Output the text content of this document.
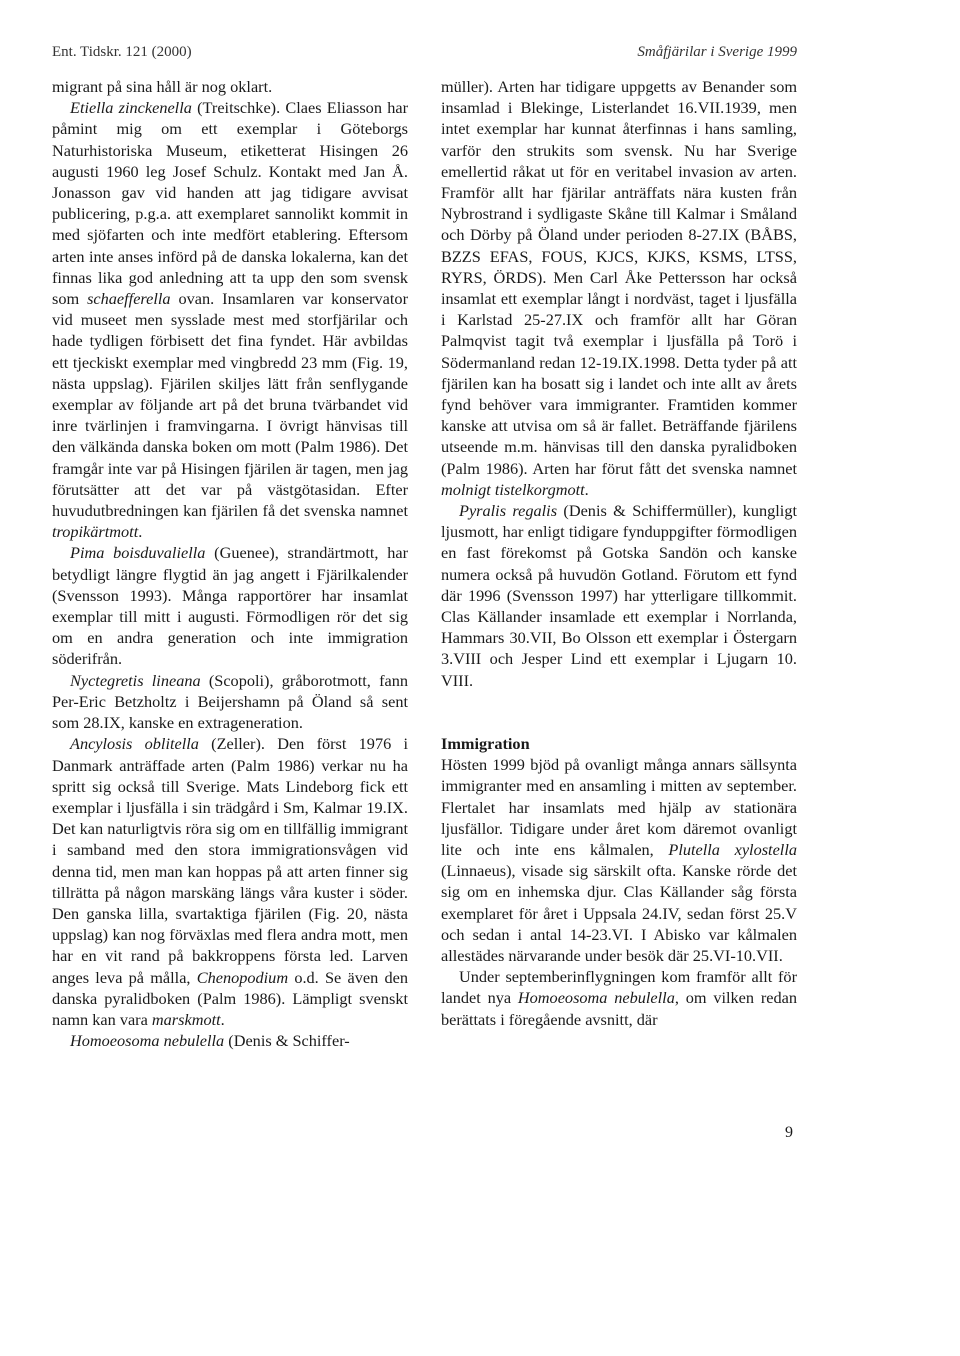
Ent. Tidskr. 121 (2000)	Småfjärilar i Sverige 1999

migrant på sina håll är nog oklart.

Etiella zinckenella (Treitschke). Claes Eliasson har påmint mig om ett exemplar i Göteborgs Naturhistoriska Museum, etiketterat Hisingen 26 augusti 1960 leg Josef Schulz. Kontakt med Jan Å. Jonasson gav vid handen att jag tidigare avvisat publicering, p.g.a. att exemplaret sannolikt kommit in med sjöfarten och inte medfört etablering. Eftersom arten inte anses införd på de danska lokalerna, kan det finnas lika god anledning att ta upp den som svensk som schaefferella ovan. Insamlaren var konservator vid museet men sysslade mest med storfjärilar och hade tydligen förbisett det fina fyndet. Här avbildas ett tjeckiskt exemplar med vingbredd 23 mm (Fig. 19, nästa uppslag). Fjärilen skiljes lätt från senflygande exemplar av följande art på det bruna tvärbandet vid inre tvärlinjen i framvingarna. I övrigt hänvisas till den välkända danska boken om mott (Palm 1986). Det framgår inte var på Hisingen fjärilen är tagen, men jag förutsätter att det var på västgötasidan. Efter huvudutbredningen kan fjärilen få det svenska namnet tropikärtmott.

Pima boisduvaliella (Guenee), strandärtmott, har betydligt längre flygtid än jag angett i Fjärilkalender (Svensson 1993). Många rapportörer har insamlat exemplar till mitt i augusti. Förmodligen rör det sig om en andra generation och inte immigration söderifrån.

Nyctegretis lineana (Scopoli), gråborotmott, fann Per-Eric Betzholtz i Beijershamn på Öland så sent som 28.IX, kanske en extrageneration.

Ancylosis oblitella (Zeller). Den först 1976 i Danmark anträffade arten (Palm 1986) verkar nu ha spritt sig också till Sverige. Mats Lindeborg fick ett exemplar i ljusfälla i sin trädgård i Sm, Kalmar 19.IX. Det kan naturligtvis röra sig om en tillfällig immigrant i samband med den stora immigrationsvågen vid denna tid, men man kan hoppas på att arten finner sig tillrätta på någon marskäng längs våra kuster i söder. Den ganska lilla, svartaktiga fjärilen (Fig. 20, nästa uppslag) kan nog förväxlas med flera andra mott, men har en vit rand på bakkroppens första led. Larven anges leva på målla, Chenopodium o.d. Se även den danska pyralidboken (Palm 1986). Lämpligt svenskt namn kan vara marskmott.

Homoeosoma nebulella (Denis & Schiffer-

müller). Arten har tidigare uppgetts av Benander som insamlad i Blekinge, Listerlandet 16.VII.1939, men intet exemplar har kunnat återfinnas i hans samling, varför den strukits som svensk. Nu har Sverige emellertid råkat ut för en veritabel invasion av arten. Framför allt har fjärilar anträffats nära kusten från Nybrostrand i sydligaste Skåne till Kalmar i Småland och Dörby på Öland under perioden 8-27.IX (BÅBS, BZZS EFAS, FOUS, KJCS, KJKS, KSMS, LTSS, RYRS, ÖRDS). Men Carl Åke Pettersson har också insamlat ett exemplar långt i nordväst, taget i ljusfälla i Karlstad 25-27.IX och framför allt har Göran Palmqvist tagit två exemplar i ljusfälla på Torö i Södermanland redan 12-19.IX.1998. Detta tyder på att fjärilen kan ha bosatt sig i landet och inte allt av årets fynd behöver vara immigranter. Framtiden kommer kanske att utvisa om så är fallet. Beträffande fjärilens utseende m.m. hänvisas till den danska pyralidboken (Palm 1986). Arten har förut fått det svenska namnet molnigt tistelkorgmott.

Pyralis regalis (Denis & Schiffermüller), kungligt ljusmott, har enligt tidigare fynduppgifter förmodligen en fast förekomst på Gotska Sandön och kanske numera också på huvudön Gotland. Förutom ett fynd där 1996 (Svensson 1997) har ytterligare tillkommit. Clas Källander insamlade ett exemplar i Norrlanda, Hammars 30.VII, Bo Olsson ett exemplar i Östergarn 3.VIII och Jesper Lind ett exemplar i Ljugarn 10. VIII.

Immigration

Hösten 1999 bjöd på ovanligt många annars sällsynta immigranter med en ansamling i mitten av september. Flertalet har insamlats med hjälp av stationära ljusfällor. Tidigare under året kom däremot ovanligt lite och inte ens kålmalen, Plutella xylostella (Linnaeus), visade sig särskilt ofta. Kanske rörde det sig om en inhemska djur. Clas Källander såg första exemplaret för året i Uppsala 24.IV, sedan först 25.V och sedan i antal 14-23.VI. I Abisko var kålmalen allestädes närvarande under besök där 25.VI-10.VII.

Under septemberinflygningen kom framför allt för landet nya Homoeosoma nebulella, om vilken redan berättats i föregående avsnitt, där

9
